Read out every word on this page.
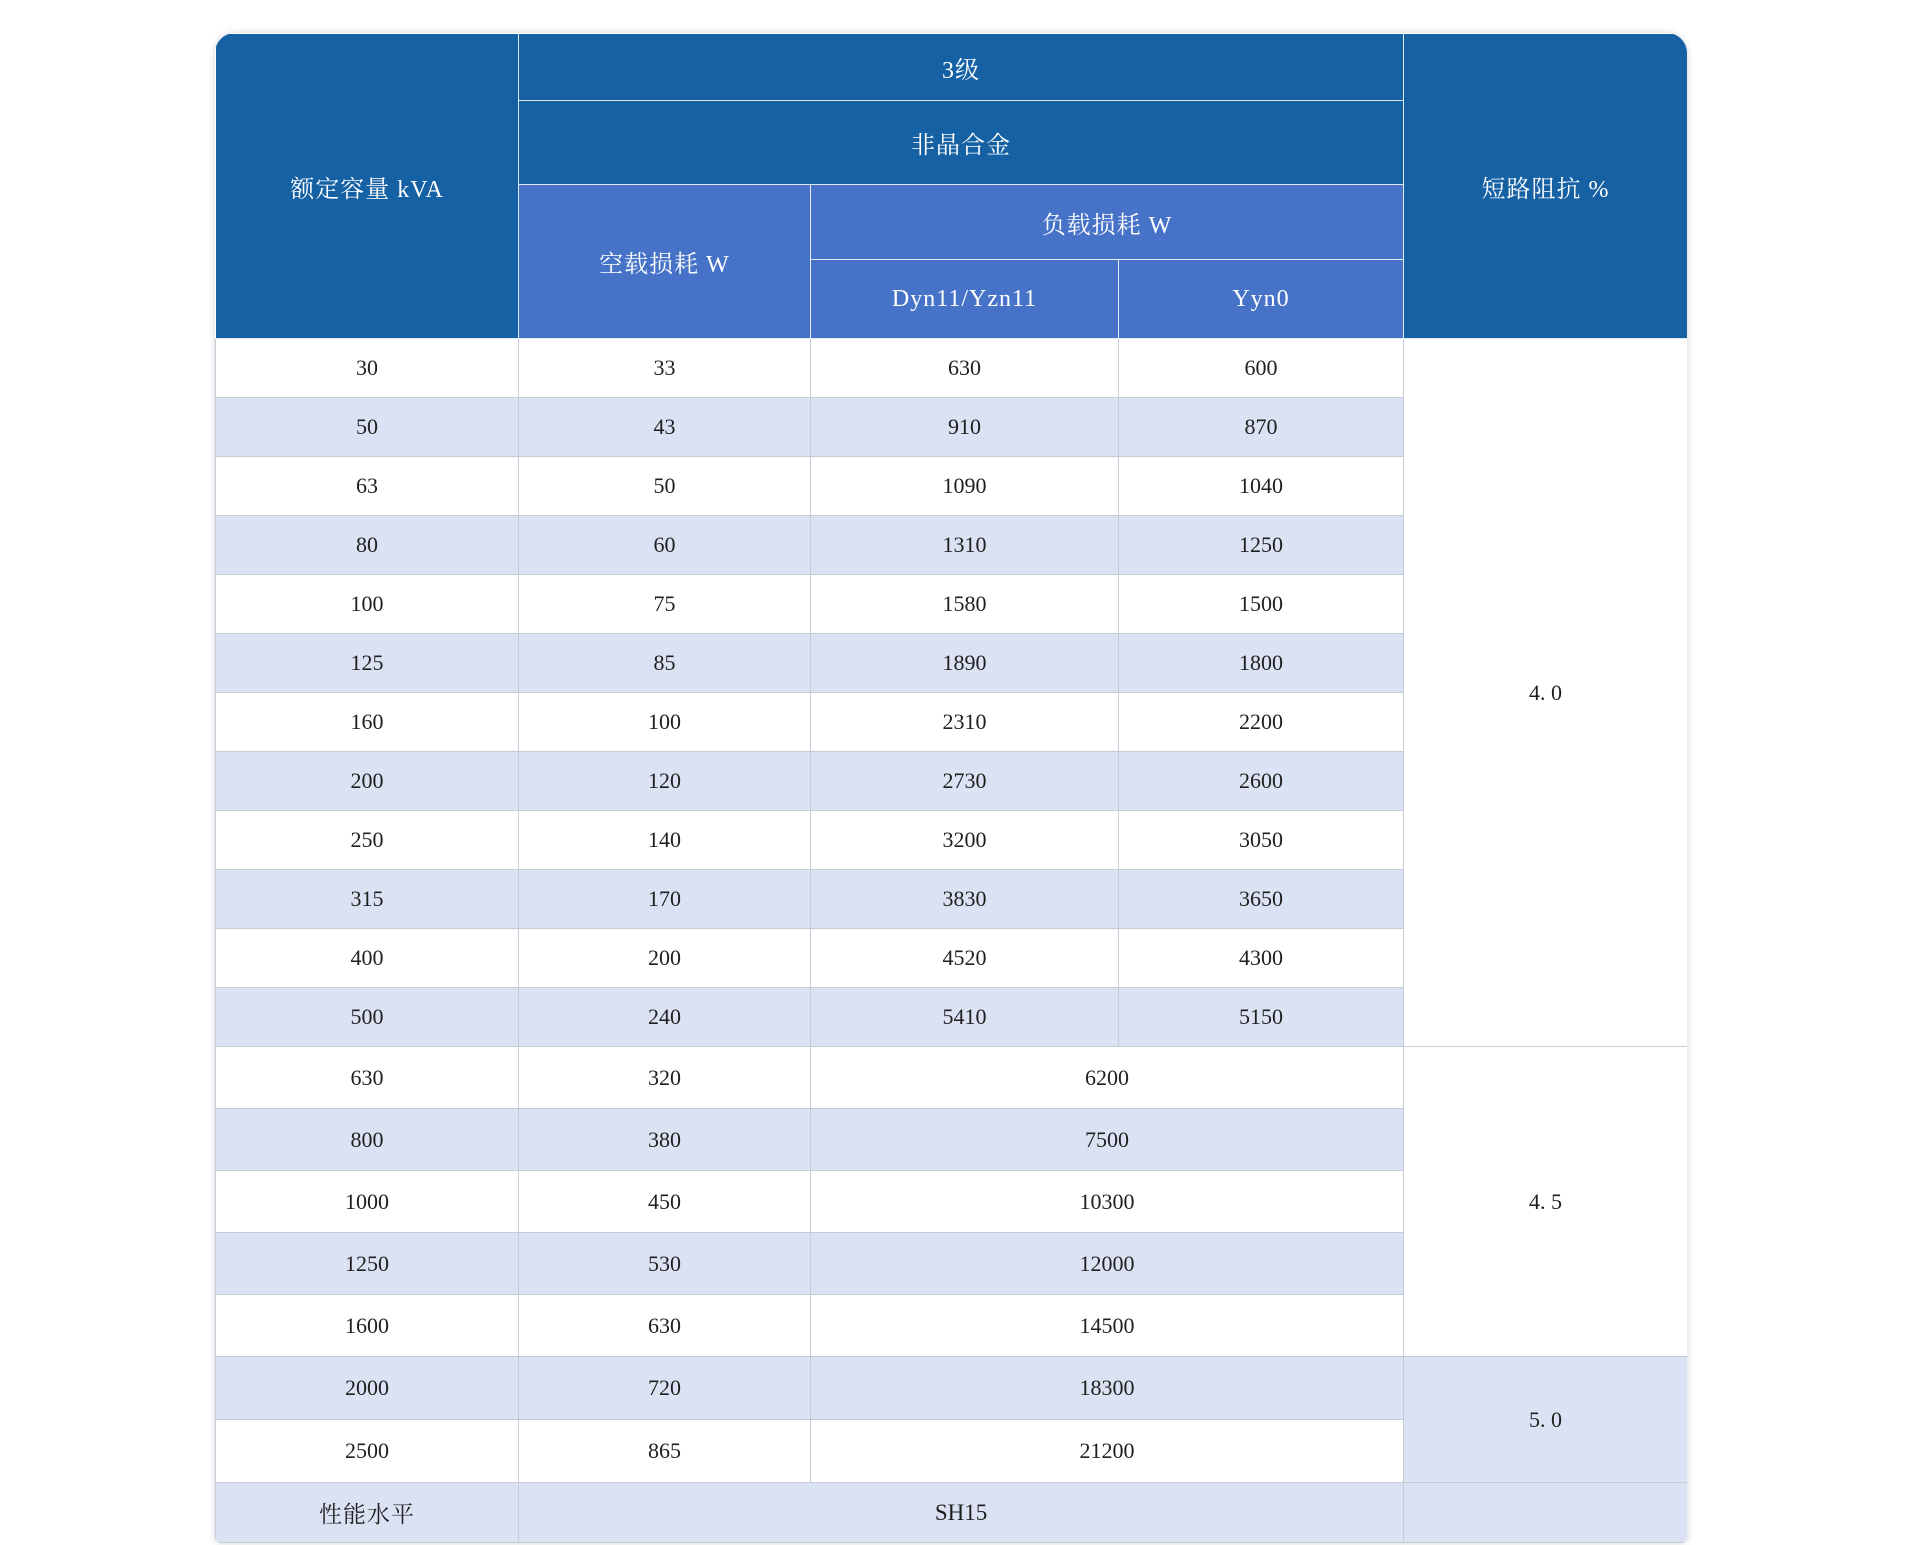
额定容量 kVA	3级			短路阻抗 %
	非晶合金			
	空载损耗 W	负载损耗 W		
		Dyn11/Yzn11	Yyn0	
30	33	630	600	4. 0
50	43	910	870	
63	50	1090	1040	
80	60	1310	1250	
100	75	1580	1500	
125	85	1890	1800	
160	100	2310	2200	
200	120	2730	2600	
250	140	3200	3050	
315	170	3830	3650	
400	200	4520	4300	
500	240	5410	5150	
630	320	6200		4. 5
800	380	7500		
1000	450	10300		
1250	530	12000		
1600	630	14500		
2000	720	18300		5. 0
2500	865	21200		
性能水平	SH15			
